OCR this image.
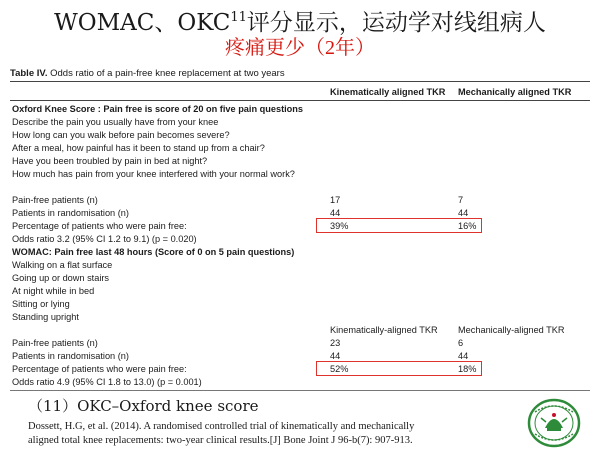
WOMAC、OKC$^{11}$评分显示，运动学对线组病人
疼痛更少（2年）
Table IV. Odds ratio of a pain-free knee replacement at two years
Kinematically aligned TKR Mechanically aligned TKR
Oxford Knee Score : Pain free is score of 20 on five pain questions
Describe the pain you usually have from your knee
How long can you walk before pain becomes severe?
After a meal, how painful has it been to stand up from a chair?
Have you been troubled by pain in bed at night?
How much has pain from your knee interfered with your normal work?
Pain-free patients (n)	17	7
Patients in randomisation (n)	44	44
Percentage of patients who were pain free:	39%	16%
Odds ratio 3.2 (95% CI 1.2 to 9.1) (p = 0.020)
WOMAC: Pain free last 48 hours (Score of 0 on 5 pain questions)
Walking on a flat surface
Going up or down stairs
At night while in bed
Sitting or lying
Standing upright
Kinematically-aligned TKR Mechanically-aligned TKR
Pain-free patients (n)	23	6
Patients in randomisation (n)	44	44
Percentage of patients who were pain free:	52%	18%
Odds ratio 4.9 (95% CI 1.8 to 13.0) (p = 0.001)
（11）OKC–Oxford knee score
Dossett, H.G, et al. (2014). A randomised controlled trial of kinematically and mechanically
aligned total knee replacements: two-year clinical results.[J] Bone Joint J 96-b(7): 907-913.
